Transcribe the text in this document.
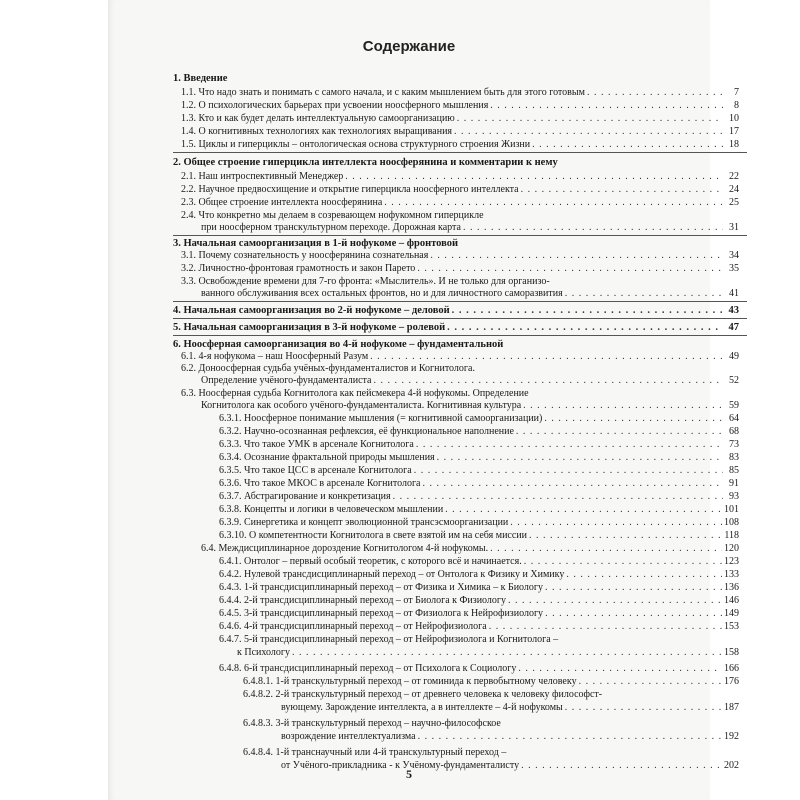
Содержание
1. Введение
1.1. Что надо знать и понимать с самого начала, и с каким мышлением быть для этого готовым . . .	7
1.2. О психологических барьерах при усвоении ноосферного мышления . . .	8
1.3. Кто и как будет делать интеллектуальную самоорганизацию . . .	10
1.4. О когнитивных технологиях как технологиях выращивания . . .	17
1.5. Циклы и гиперциклы – онтологическая основа структурного строения Жизни . . .	18
2. Общее строение гиперцикла интеллекта ноосферянина и комментарии к нему
2.1. Наш интроспективный Менеджер . . .	22
2.2. Научное предвосхищение и открытие гиперцикла ноосферного интеллекта . . .	24
2.3. Общее строение интеллекта ноосферянина . . .	25
2.4. Что конкретно мы делаем в созревающем нофукомном гиперцикле
при ноосферном транскультурном переходе. Дорожная карта . . .	31
3. Начальная самоорганизация в 1-й нофукоме – фронтовой
3.1. Почему сознательность у ноосферянина сознательная . . .	34
3.2. Личностно-фронтовая грамотность и закон Парето . . .	35
3.3. Освобождение времени для 7-го фронта: «Мыслитель». И не только для организо-
ванного обслуживания всех остальных фронтов, но и для личностного саморазвития . . .	41
4. Начальная самоорганизация во 2-й нофукоме – деловой . . .	43
5. Начальная самоорганизация в 3-й нофукоме – ролевой . . .	47
6. Ноосферная самоорганизация во 4-й нофукоме – фундаментальной
6.1. 4-я нофукома – наш Ноосферный Разум . . .	49
6.2. Доноосферная судьба учёных-фундаменталистов и Когнитолога.
Определение учёного-фундаменталиста . . .	52
6.3. Ноосферная судьба Когнитолога как пейсмекера 4-й нофукомы. Определение
Когнитолога как особого учёного-фундаменталиста. Когнитивная культура . . .	59
6.3.1. Ноосферное понимание мышления (= когнитивной самоорганизации) . . .	64
6.3.2. Научно-осознанная рефлексия, её функциональное наполнение . . .	68
6.3.3. Что такое УМК в арсенале Когнитолога . . .	73
6.3.4. Осознание фрактальной природы мышления . . .	83
6.3.5. Что такое ЦСС в арсенале Когнитолога . . .	85
6.3.6. Что такое МКОС в арсенале Когнитолога . . .	91
6.3.7. Абстрагирование и конкретизация . . .	93
6.3.8. Концепты и логики в человеческом мышлении . . .	101
6.3.9. Синергетика и концепт эволюционной трансэсмоорганизации . . .	108
6.3.10. О компетентности Когнитолога в свете взятой им на себя миссии . . .	118
6.4. Междисциплинарное дороздение Когнитологом 4-й нофукомы. . . .	120
6.4.1. Онтолог – первый особый теоретик, с которого всё и начинается. . . .	123
6.4.2. Нулевой трансдисциплинарный переход – от Онтолога к Физику и Химику . . .	133
6.4.3. 1-й трансдисциплинарный переход – от Физика и Химика – к Биологу . . .	136
6.4.4. 2-й трансдисциплинарный переход – от Биолога к Физиологу . . .	146
6.4.5. 3-й трансдисциплинарный переход – от Физиолога к Нейрофизиологу . . .	149
6.4.6. 4-й трансдисциплинарный переход – от Нейрофизиолога . . .	153
6.4.7. 5-й трансдисциплинарный переход – от Нейрофизиолога и Когнитолога –
к Психологу . . .	158
6.4.8. 6-й трансдисциплинарный переход – от Психолога к Социологу . . .	166
6.4.8.1. 1-й транскультурный переход – от гоминида к первобытному человеку . . .	176
6.4.8.2. 2-й транскультурный переход – от древнего человека к человеку философст-
вующему. Зарождение интеллекта, а в интеллекте – 4-й нофукомы . . .	187
6.4.8.3. 3-й транскультурный переход – научно-философское
возрождение интеллектуализма . . .	192
6.4.8.4. 1-й транснаучный или 4-й транскультурный переход –
от Учёного-прикладника - к Учёному-фундаменталисту . . .	202
5
